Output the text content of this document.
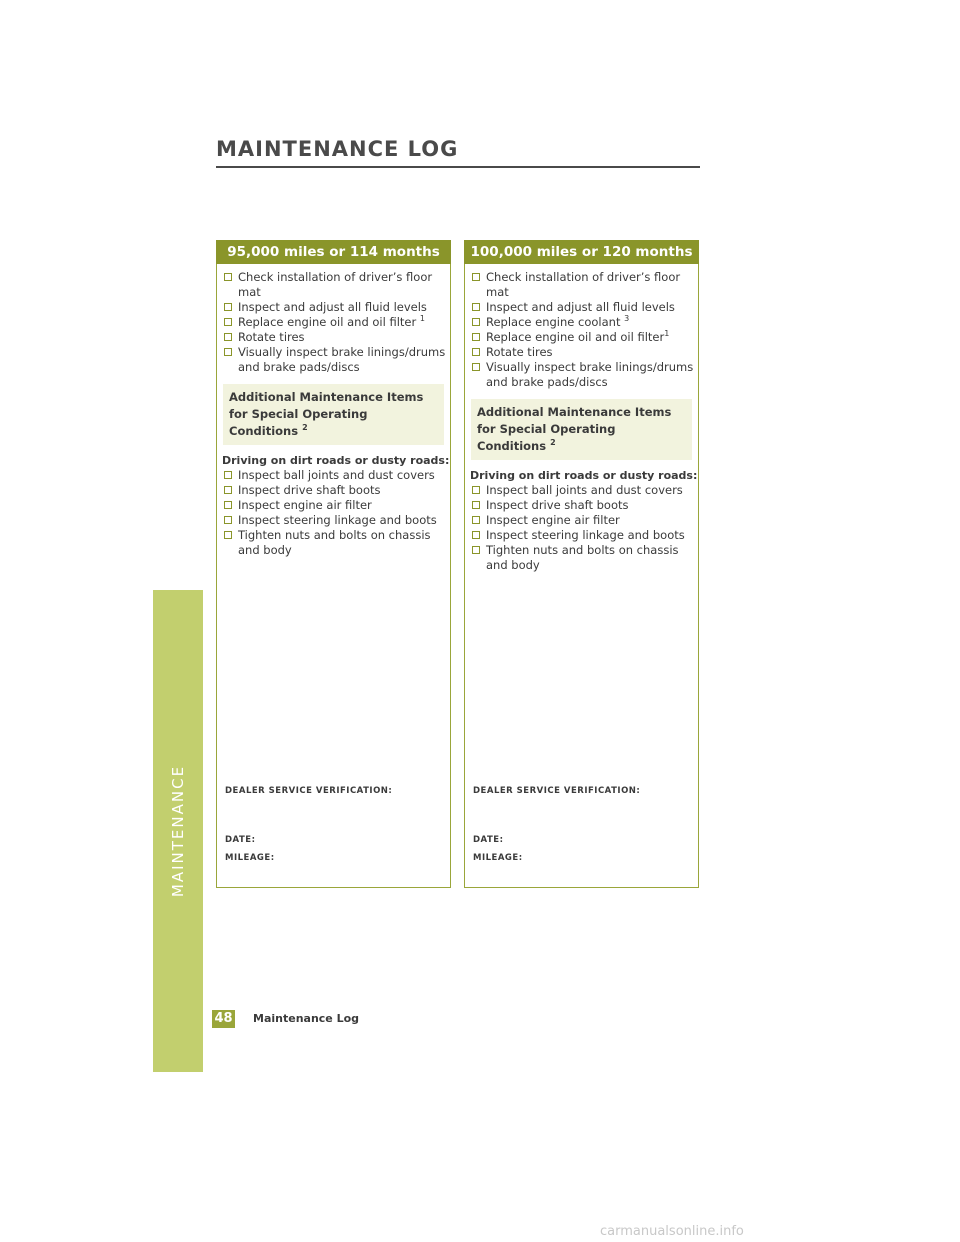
MAINTENANCE
MAINTENANCE LOG
95,000 miles or 114 months
Check installation of driver’s floor mat
Inspect and adjust all fluid levels
Replace engine oil and oil filter $^1$
Rotate tires
Visually inspect brake linings/drums and brake pads/discs
Additional Maintenance Items for Special Operating Conditions $^2$
Driving on dirt roads or dusty roads:
Inspect ball joints and dust covers
Inspect drive shaft boots
Inspect engine air filter
Inspect steering linkage and boots
Tighten nuts and bolts on chassis and body
DEALER SERVICE VERIFICATION:
DATE:
MILEAGE:
100,000 miles or 120 months
Check installation of driver’s floor mat
Inspect and adjust all fluid levels
Replace engine coolant $^3$
Replace engine oil and oil filter$^1$
Rotate tires
Visually inspect brake linings/drums and brake pads/discs
Additional Maintenance Items for Special Operating Conditions $^2$
Driving on dirt roads or dusty roads:
Inspect ball joints and dust covers
Inspect drive shaft boots
Inspect engine air filter
Inspect steering linkage and boots
Tighten nuts and bolts on chassis and body
DEALER SERVICE VERIFICATION:
DATE:
MILEAGE:
48 Maintenance Log
carmanualsonline.info
